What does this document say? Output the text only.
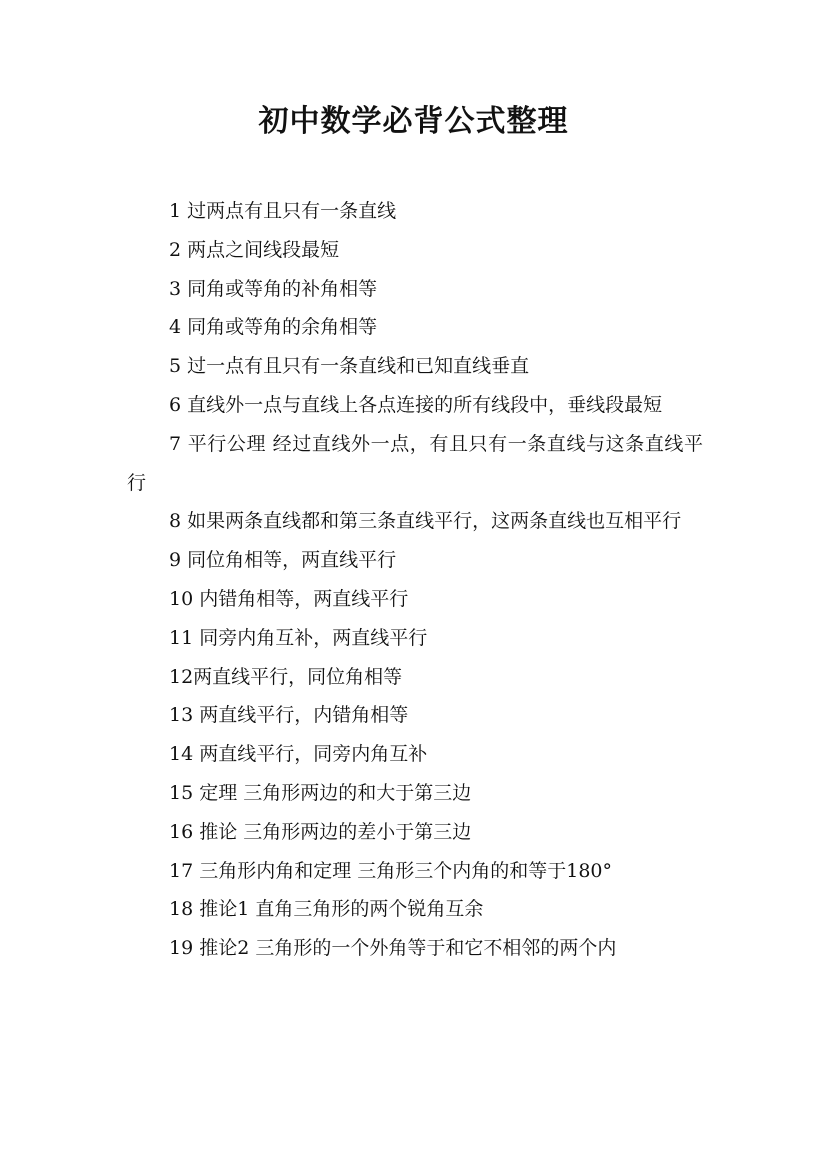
初中数学必背公式整理

1 过两点有且只有一条直线

2 两点之间线段最短

3 同角或等角的补角相等

4 同角或等角的余角相等

5 过一点有且只有一条直线和已知直线垂直

6 直线外一点与直线上各点连接的所有线段中，垂线段最短

7 平行公理 经过直线外一点，有且只有一条直线与这条直线平行

8 如果两条直线都和第三条直线平行，这两条直线也互相平行

9 同位角相等，两直线平行

10 内错角相等，两直线平行

11 同旁内角互补，两直线平行

12两直线平行，同位角相等

13 两直线平行，内错角相等

14 两直线平行，同旁内角互补

15 定理 三角形两边的和大于第三边

16 推论 三角形两边的差小于第三边

17 三角形内角和定理 三角形三个内角的和等于180°

18 推论1 直角三角形的两个锐角互余

19 推论2 三角形的一个外角等于和它不相邻的两个内
